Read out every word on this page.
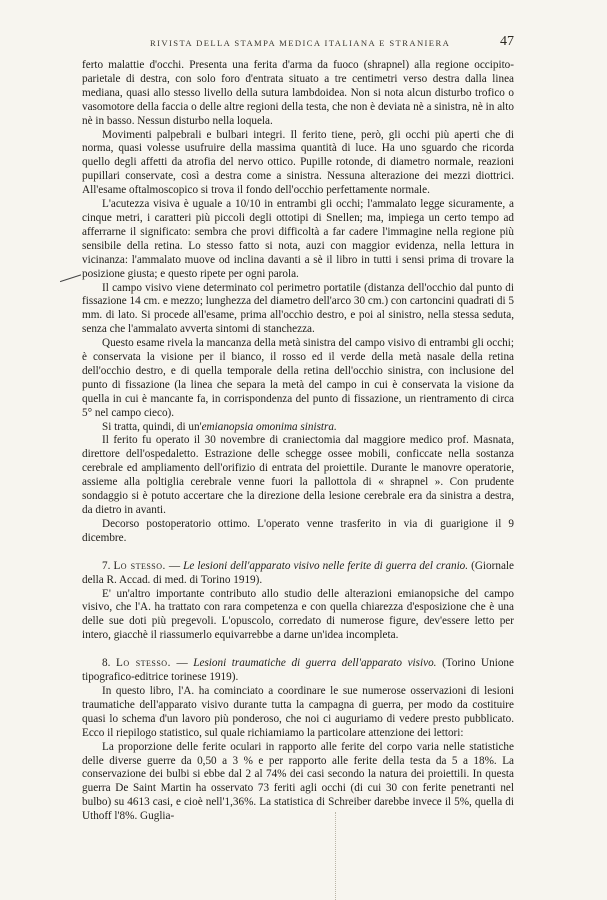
RIVISTA DELLA STAMPA MEDICA ITALIANA E STRANIERA	47

ferto malattie d'occhi. Presenta una ferita d'arma da fuoco (shrapnel) alla regione occipito-parietale di destra, con solo foro d'entrata situato a tre centimetri verso destra dalla linea mediana, quasi allo stesso livello della sutura lambdoidea. Non si nota alcun disturbo trofico o vasomotore della faccia o delle altre regioni della testa, che non è deviata nè a sinistra, nè in alto nè in basso. Nessun disturbo nella loquela.

Movimenti palpebrali e bulbari integri. Il ferito tiene, però, gli occhi più aperti che di norma, quasi volesse usufruire della massima quantità di luce. Ha uno sguardo che ricorda quello degli affetti da atrofia del nervo ottico. Pupille rotonde, di diametro normale, reazioni pupillari conservate, così a destra come a sinistra. Nessuna alterazione dei mezzi diottrici. All'esame oftalmoscopico si trova il fondo dell'occhio perfettamente normale.

L'acutezza visiva è uguale a 10/10 in entrambi gli occhi; l'ammalato legge sicuramente, a cinque metri, i caratteri più piccoli degli ottotipi di Snellen; ma, impiega un certo tempo ad afferrarne il significato: sembra che provi difficoltà a far cadere l'immagine nella regione più sensibile della retina. Lo stesso fatto si nota, auzi con maggior evidenza, nella lettura in vicinanza: l'ammalato muove od inclina davanti a sè il libro in tutti i sensi prima di trovare la posizione giusta; e questo ripete per ogni parola.

Il campo visivo viene determinato col perimetro portatile (distanza dell'occhio dal punto di fissazione 14 cm. e mezzo; lunghezza del diametro dell'arco 30 cm.) con cartoncini quadrati di 5 mm. di lato. Si procede all'esame, prima all'occhio destro, e poi al sinistro, nella stessa seduta, senza che l'ammalato avverta sintomi di stanchezza.

Questo esame rivela la mancanza della metà sinistra del campo visivo di entrambi gli occhi; è conservata la visione per il bianco, il rosso ed il verde della metà nasale della retina dell'occhio destro, e di quella temporale della retina dell'occhio sinistra, con inclusione del punto di fissazione (la linea che separa la metà del campo in cui è conservata la visione da quella in cui è mancante fa, in corrispondenza del punto di fissazione, un rientramento di circa 5° nel campo cieco).

Si tratta, quindi, di un'emianopsia omonima sinistra.

Il ferito fu operato il 30 novembre di craniectomia dal maggiore medico prof. Masnata, direttore dell'ospedaletto. Estrazione delle schegge ossee mobili, conficcate nella sostanza cerebrale ed ampliamento dell'orifizio di entrata del proiettile. Durante le manovre operatorie, assieme alla poltiglia cerebrale venne fuori la pallottola di « shrapnel ». Con prudente sondaggio si è potuto accertare che la direzione della lesione cerebrale era da sinistra a destra, da dietro in avanti.

Decorso postoperatorio ottimo. L'operato venne trasferito in via di guarigione il 9 dicembre.

7. Lo stesso. — Le lesioni dell'apparato visivo nelle ferite di guerra del cranio. (Giornale della R. Accad. di med. di Torino 1919).

E' un'altro importante contributo allo studio delle alterazioni emianopsiche del campo visivo, che l'A. ha trattato con rara competenza e con quella chiarezza d'esposizione che è una delle sue doti più pregevoli. L'opuscolo, corredato di numerose figure, dev'essere letto per intero, giacchè il riassumerlo equivarrebbe a darne un'idea incompleta.

8. Lo stesso. — Lesioni traumatiche di guerra dell'apparato visivo. (Torino Unione tipografico-editrice torinese 1919).

In questo libro, l'A. ha cominciato a coordinare le sue numerose osservazioni di lesioni traumatiche dell'apparato visivo durante tutta la campagna di guerra, per modo da costituire quasi lo schema d'un lavoro più ponderoso, che noi ci auguriamo di vedere presto pubblicato. Ecco il riepilogo statistico, sul quale richiamiamo la particolare attenzione dei lettori:

La proporzione delle ferite oculari in rapporto alle ferite del corpo varia nelle statistiche delle diverse guerre da 0,50 a 3 % e per rapporto alle ferite della testa da 5 a 18%. La conservazione dei bulbi si ebbe dal 2 al 74% dei casi secondo la natura dei proiettili. In questa guerra De Saint Martin ha osservato 73 feriti agli occhi (di cui 30 con ferite penetranti nel bulbo) su 4613 casi, e cioè nell'1,36%. La statistica di Schreiber darebbe invece il 5%, quella di Uthoff l'8%. Guglia-
